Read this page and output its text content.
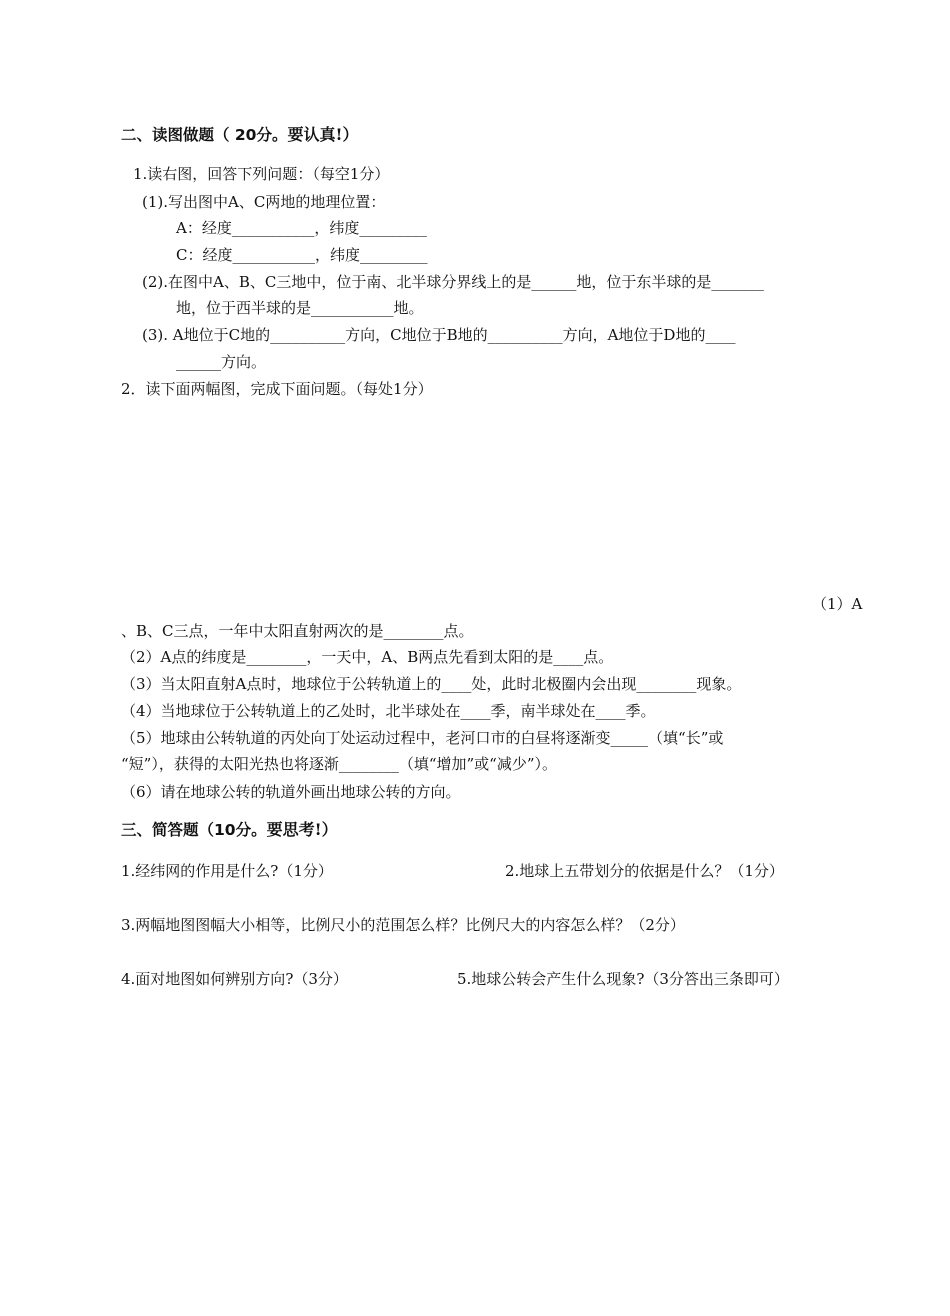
二、读图做题（ 20分。要认真!）
1.读右图，回答下列问题：（每空1分）
(1).写出图中A、C两地的地理位置：
A：经度___________，纬度_________
C：经度___________，纬度_________
(2).在图中A、B、C三地中，位于南、北半球分界线上的是______地，位于东半球的是_______
地，位于西半球的是___________地。
(3). A地位于C地的__________方向，C地位于B地的__________方向，A地位于D地的____
______方向。
2．读下面两幅图，完成下面问题。（每处1分）
（1）A
、B、C三点，一年中太阳直射两次的是________点。
（2）A点的纬度是________，一天中，A、B两点先看到太阳的是____点。
（3）当太阳直射A点时，地球位于公转轨道上的____处，此时北极圈内会出现________现象。
（4）当地球位于公转轨道上的乙处时，北半球处在____季，南半球处在____季。
（5）地球由公转轨道的丙处向丁处运动过程中，老河口市的白昼将逐渐变_____（填“长”或
“短”），获得的太阳光热也将逐渐________（填“增加”或“减少”）。
（6）请在地球公转的轨道外画出地球公转的方向。
三、简答题（10分。要思考!）
1.经纬网的作用是什么?（1分）	2.地球上五带划分的依据是什么？（1分）
3.两幅地图图幅大小相等，比例尺小的范围怎么样？比例尺大的内容怎么样？（2分）
4.面对地图如何辨别方向?（3分）	5.地球公转会产生什么现象?（3分答出三条即可）
